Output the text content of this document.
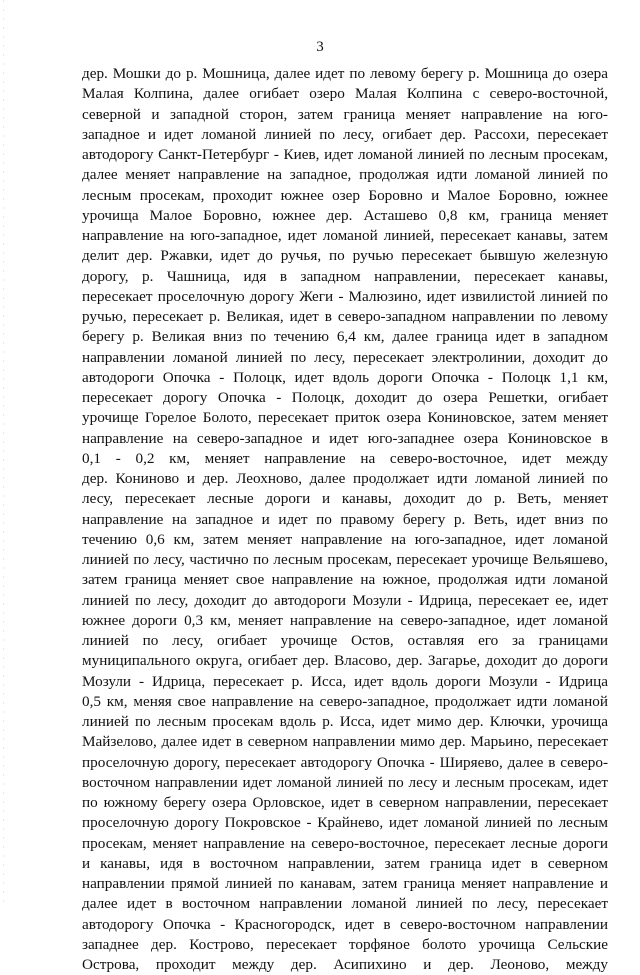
3
дер. Мошки до р. Мошница, далее идет по левому берегу р. Мошница до озера
Малая Колпина, далее огибает озеро Малая Колпина с северо-восточной,
северной и западной сторон, затем граница меняет направление на юго-
западное и идет ломаной линией по лесу, огибает дер. Рассохи, пересекает
автодорогу Санкт-Петербург - Киев, идет ломаной линией по лесным просекам,
далее меняет направление на западное, продолжая идти ломаной линией по
лесным просекам, проходит южнее озер Боровно и Малое Боровно, южнее
урочища Малое Боровно, южнее дер. Асташево 0,8 км, граница меняет
направление на юго-западное, идет ломаной линией, пересекает канавы, затем
делит дер. Ржавки, идет до ручья, по ручью пересекает бывшую железную
дорогу, р. Чашница, идя в западном направлении, пересекает канавы,
пересекает проселочную дорогу Жеги - Малюзино, идет извилистой линией по
ручью, пересекает р. Великая, идет в северо-западном направлении по левому
берегу р. Великая вниз по течению 6,4 км, далее граница идет в западном
направлении ломаной линией по лесу, пересекает электролинии, доходит до
автодороги Опочка - Полоцк, идет вдоль дороги Опочка - Полоцк 1,1 км,
пересекает дорогу Опочка - Полоцк, доходит до озера Решетки, огибает
урочище Горелое Болото, пересекает приток озера Кониновское, затем меняет
направление на северо-западное и идет юго-западнее озера Кониновское в
0,1 - 0,2 км, меняет направление на северо-восточное, идет между
дер. Кониново и дер. Леохново, далее продолжает идти ломаной линией по
лесу, пересекает лесные дороги и канавы, доходит до р. Веть, меняет
направление на западное и идет по правому берегу р. Веть, идет вниз по
течению 0,6 км, затем меняет направление на юго-западное, идет ломаной
линией по лесу, частично по лесным просекам, пересекает урочище Вельяшево,
затем граница меняет свое направление на южное, продолжая идти ломаной
линией по лесу, доходит до автодороги Мозули - Идрица, пересекает ее, идет
южнее дороги 0,3 км, меняет направление на северо-западное, идет ломаной
линией по лесу, огибает урочище Остов, оставляя его за границами
муниципального округа, огибает дер. Власово, дер. Загарье, доходит до дороги
Мозули - Идрица, пересекает р. Исса, идет вдоль дороги Мозули - Идрица
0,5 км, меняя свое направление на северо-западное, продолжает идти ломаной
линией по лесным просекам вдоль р. Исса, идет мимо дер. Ключки, урочища
Майзелово, далее идет в северном направлении мимо дер. Марьино, пересекает
проселочную дорогу, пересекает автодорогу Опочка - Ширяево, далее в северо-
восточном направлении идет ломаной линией по лесу и лесным просекам, идет
по южному берегу озера Орловское, идет в северном направлении, пересекает
проселочную дорогу Покровское - Крайнево, идет ломаной линией по лесным
просекам, меняет направление на северо-восточное, пересекает лесные дороги
и канавы, идя в восточном направлении, затем граница идет в северном
направлении прямой линией по канавам, затем граница меняет направление и
далее идет в восточном направлении ломаной линией по лесу, пересекает
автодорогу Опочка - Красногородск, идет в северо-восточном направлении
западнее дер. Кострово, пересекает торфяное болото урочища Сельские
Острова, проходит между дер. Асипихино и дер. Леоново, между
